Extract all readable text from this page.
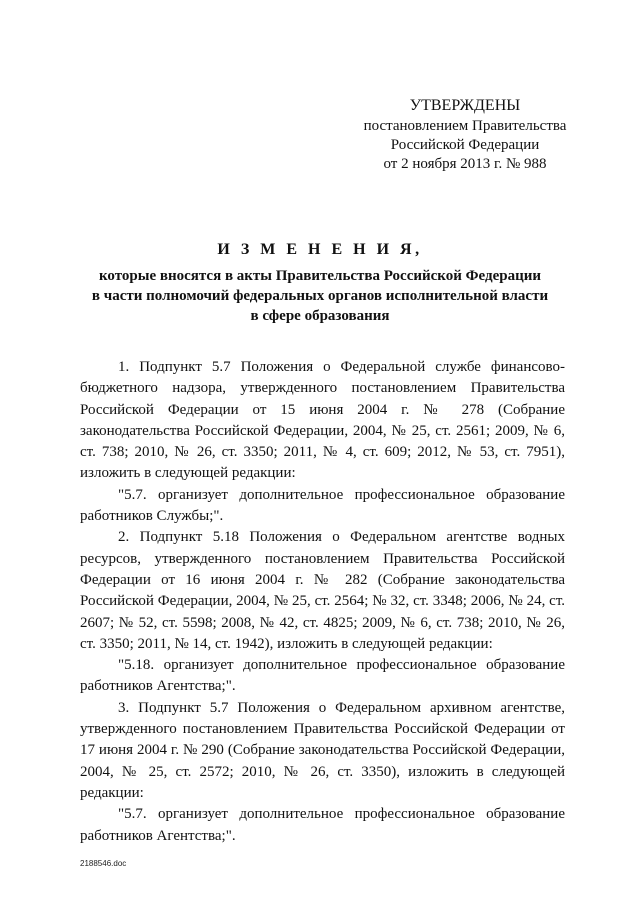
УТВЕРЖДЕНЫ
постановлением Правительства
Российской Федерации
от 2 ноября 2013 г. № 988
И З М Е Н Е Н И Я,
которые вносятся в акты Правительства Российской Федерации
в части полномочий федеральных органов исполнительной власти
в сфере образования

1. Подпункт 5.7 Положения о Федеральной службе финансово-бюджетного надзора, утвержденного постановлением Правительства Российской Федерации от 15 июня 2004 г. № 278 (Собрание законодательства Российской Федерации, 2004, № 25, ст. 2561; 2009, № 6, ст. 738; 2010, № 26, ст. 3350; 2011, № 4, ст. 609; 2012, № 53, ст. 7951), изложить в следующей редакции:

"5.7. организует дополнительное профессиональное образование работников Службы;".

2. Подпункт 5.18 Положения о Федеральном агентстве водных ресурсов, утвержденного постановлением Правительства Российской Федерации от 16 июня 2004 г. № 282 (Собрание законодательства Российской Федерации, 2004, № 25, ст. 2564; № 32, ст. 3348; 2006, № 24, ст. 2607; № 52, ст. 5598; 2008, № 42, ст. 4825; 2009, № 6, ст. 738; 2010, № 26, ст. 3350; 2011, № 14, ст. 1942), изложить в следующей редакции:

"5.18. организует дополнительное профессиональное образование работников Агентства;".

3. Подпункт 5.7 Положения о Федеральном архивном агентстве, утвержденного постановлением Правительства Российской Федерации от 17 июня 2004 г. № 290 (Собрание законодательства Российской Федерации, 2004, № 25, ст. 2572; 2010, № 26, ст. 3350), изложить в следующей редакции:

"5.7. организует дополнительное профессиональное образование работников Агентства;".

2188546.doc
